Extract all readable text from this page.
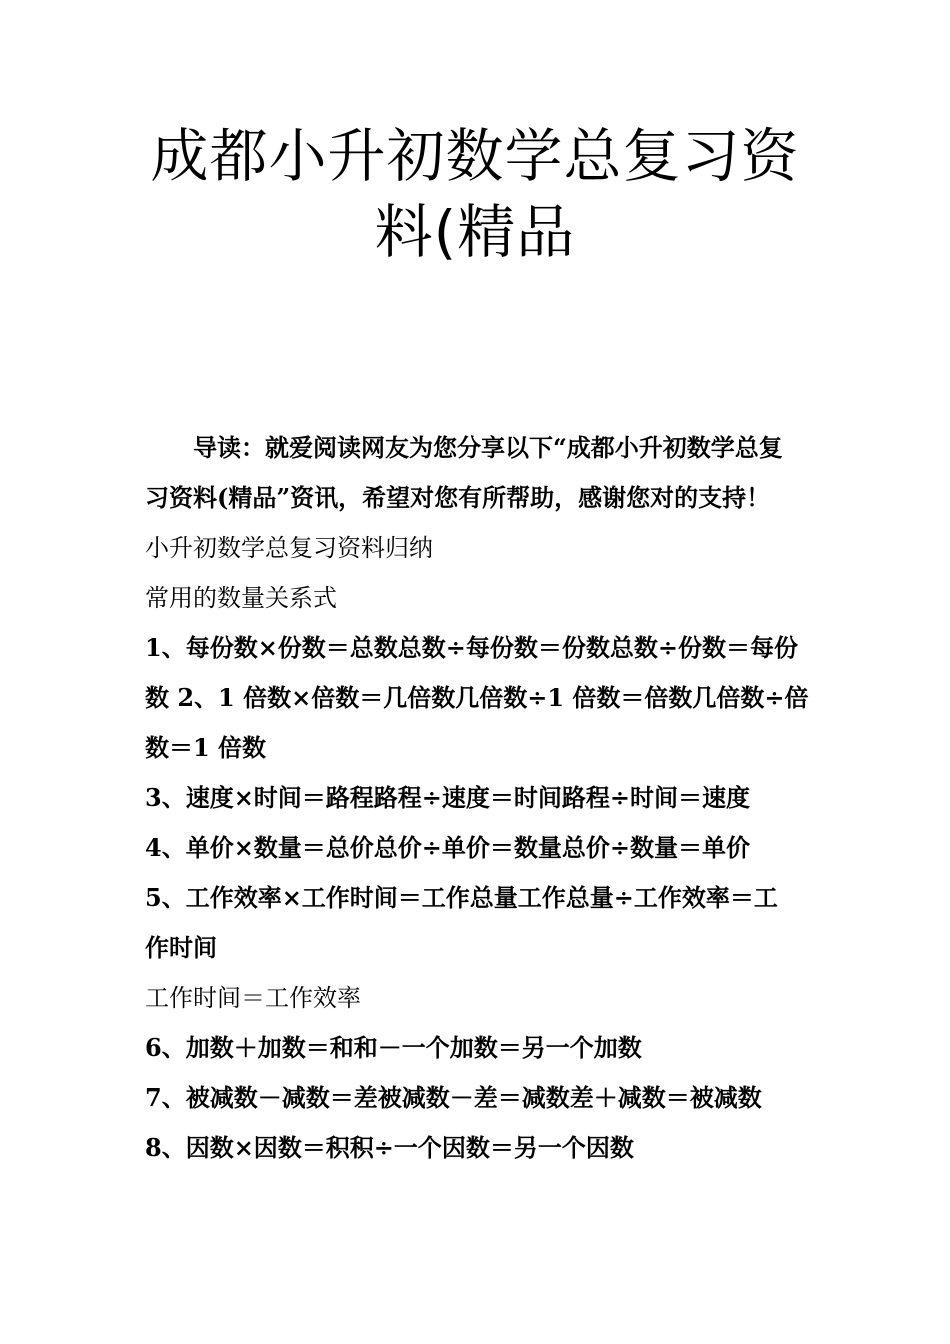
成都小升初数学总复习资
料(精品
导读：就爱阅读网友为您分享以下“成都小升初数学总复
习资料(精品”资讯，希望对您有所帮助，感谢您对的支持！
小升初数学总复习资料归纳
常用的数量关系式
1、每份数×份数＝总数总数÷每份数＝份数总数÷份数＝每份
数 2、1 倍数×倍数＝几倍数几倍数÷1 倍数＝倍数几倍数÷倍
数＝1 倍数
3、速度×时间＝路程路程÷速度＝时间路程÷时间＝速度
4、单价×数量＝总价总价÷单价＝数量总价÷数量＝单价
5、工作效率×工作时间＝工作总量工作总量÷工作效率＝工
作时间
工作时间＝工作效率
6、加数＋加数＝和和－一个加数＝另一个加数
7、被减数－减数＝差被减数－差＝减数差＋减数＝被减数
8、因数×因数＝积积÷一个因数＝另一个因数
